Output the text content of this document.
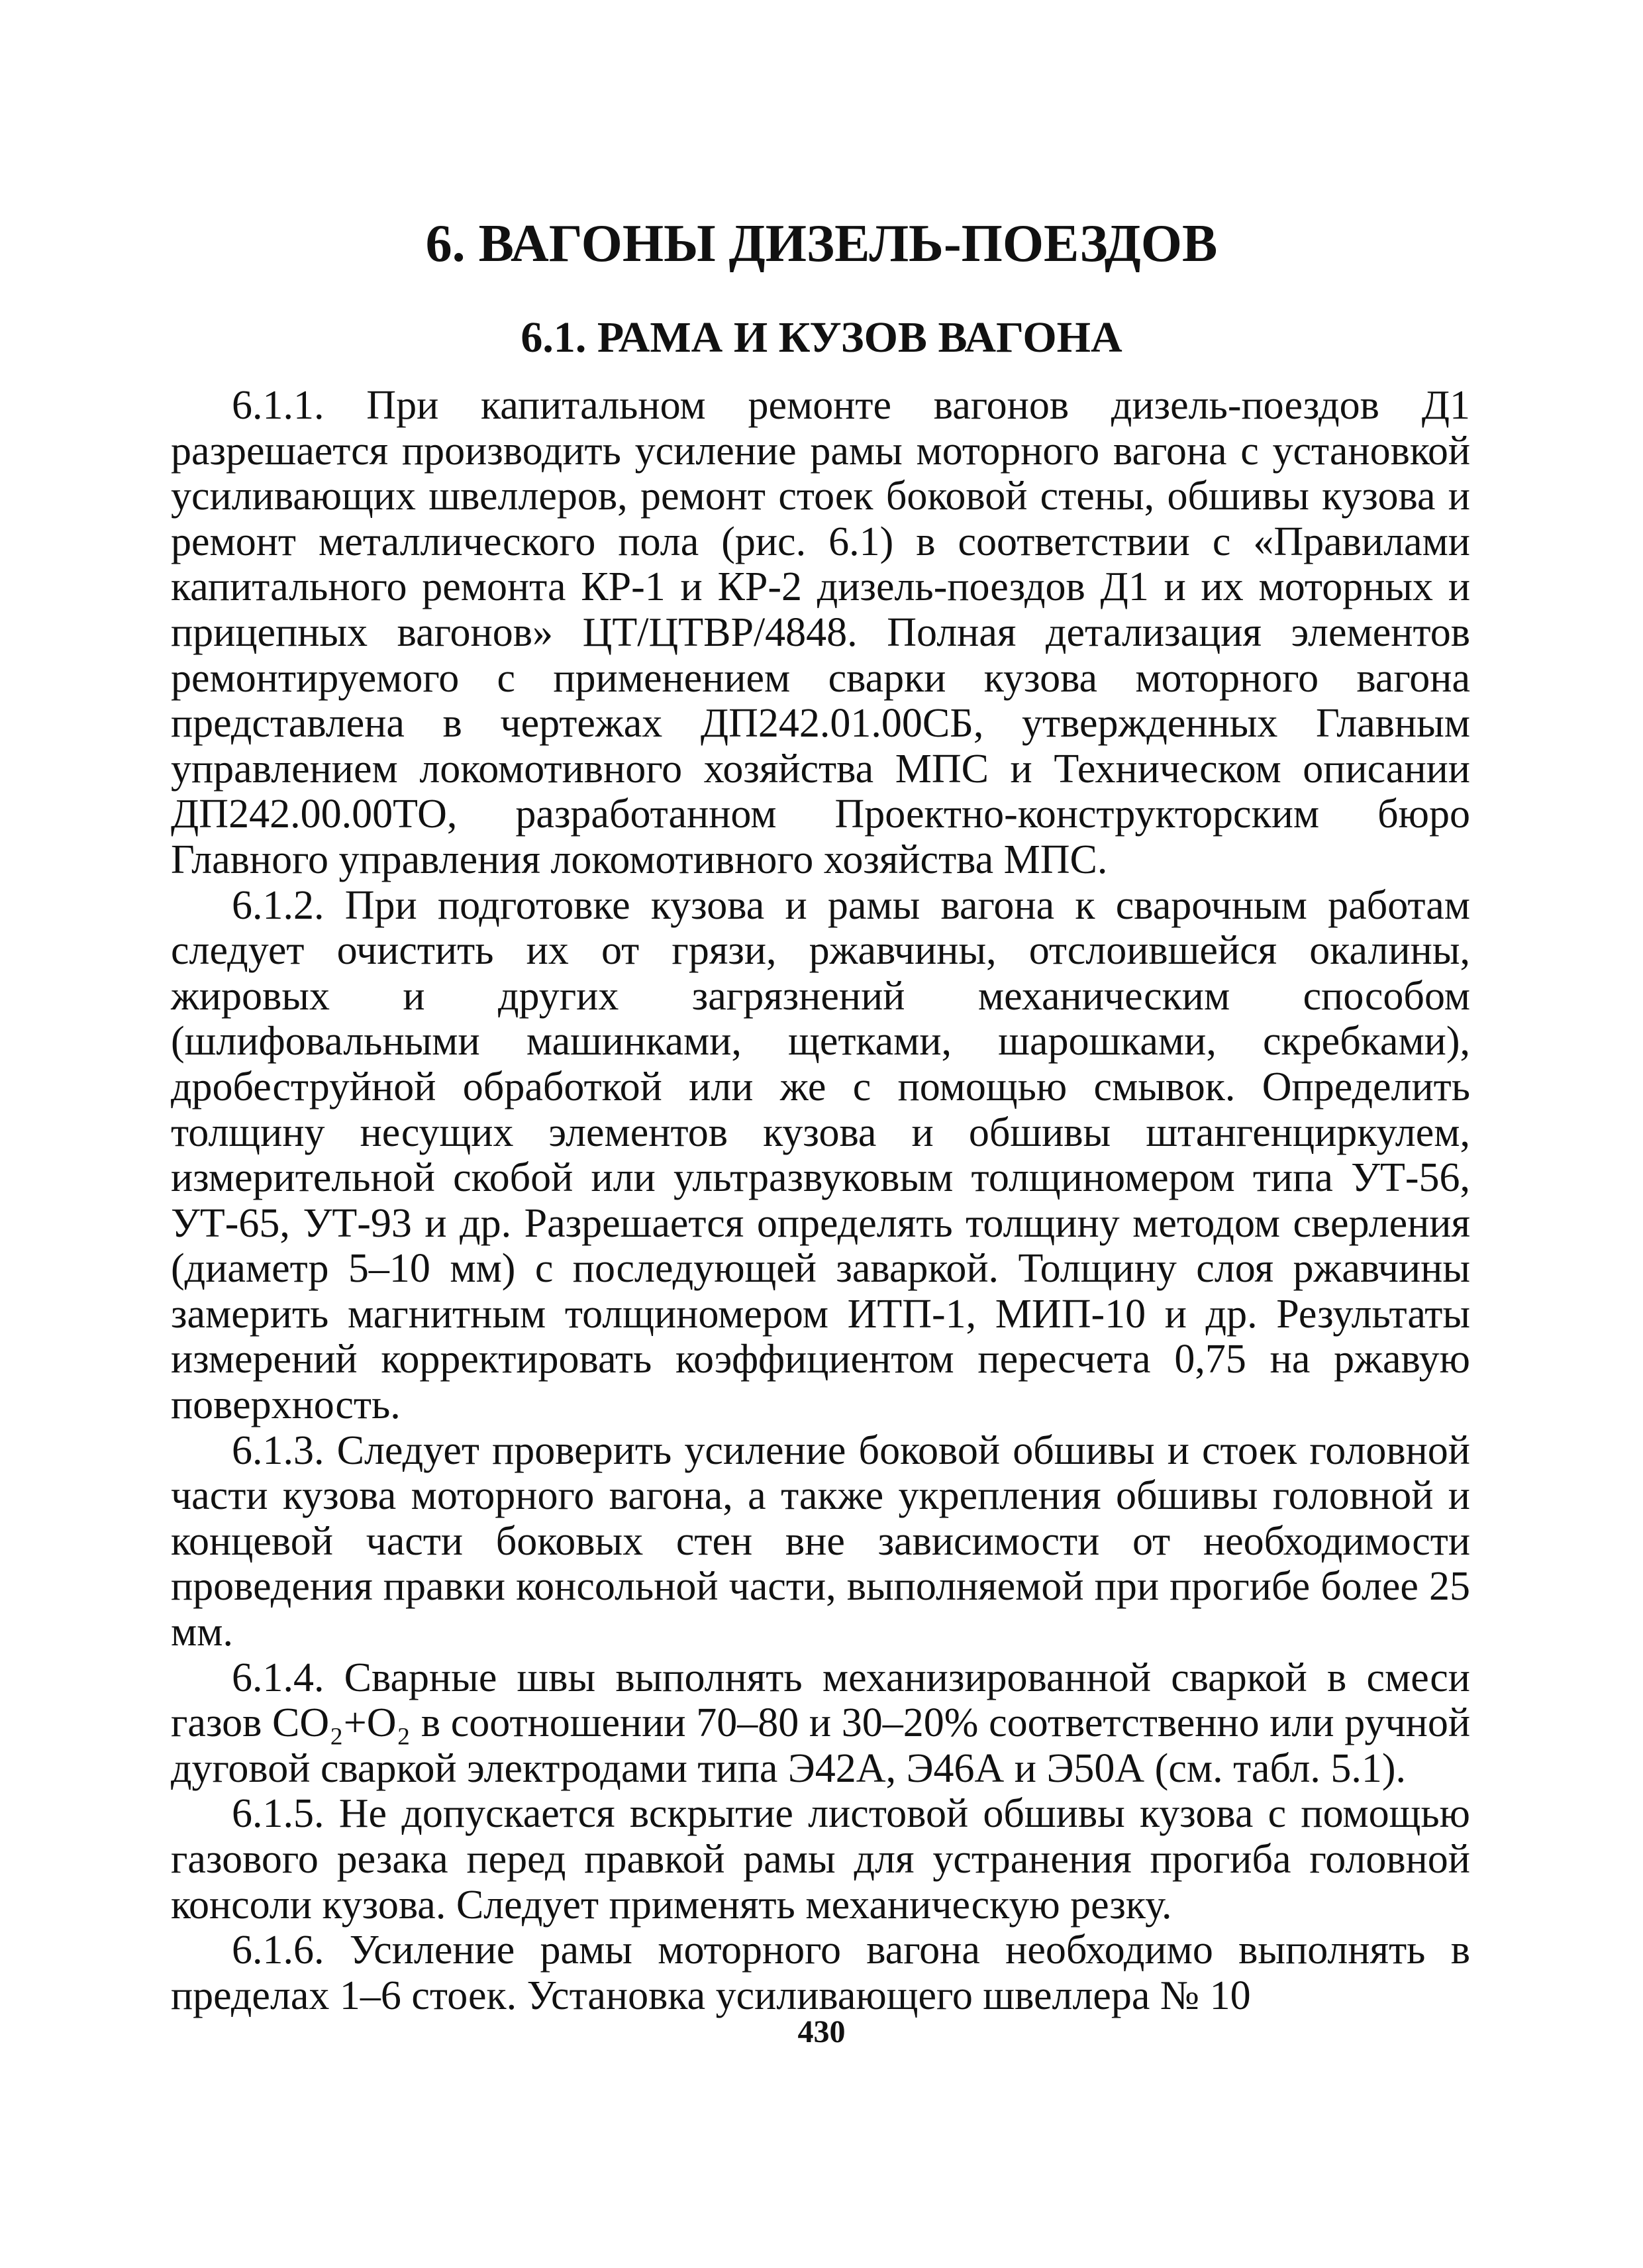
6. ВАГОНЫ ДИЗЕЛЬ-ПОЕЗДОВ
6.1. РАМА И КУЗОВ ВАГОНА

6.1.1. При капитальном ремонте вагонов дизель-поездов Д1 разрешается производить усиление рамы моторного вагона с установкой усиливающих швеллеров, ремонт стоек боковой стены, обшивы кузова и ремонт металлического пола (рис. 6.1) в соответствии с «Правилами капитального ремонта КР-1 и КР-2 дизель-поездов Д1 и их моторных и прицепных вагонов» ЦТ/ЦТВР/4848. Полная детализация элементов ремонтируемого с применением сварки кузова моторного вагона представлена в чертежах ДП242.01.00СБ, утвержденных Главным управлением локомотивного хозяйства МПС и Техническом описании ДП242.00.00ТО, разработанном Проектно-конструкторским бюро Главного управления локомотивного хозяйства МПС.

6.1.2. При подготовке кузова и рамы вагона к сварочным работам следует очистить их от грязи, ржавчины, отслоившейся окалины, жировых и других загрязнений механическим способом (шлифовальными машинками, щетками, шарошками, скребками), дробеструйной обработкой или же с помощью смывок. Определить толщину несущих элементов кузова и обшивы штангенциркулем, измерительной скобой или ультразвуковым толщиномером типа УТ-56, УТ-65, УТ-93 и др. Разрешается определять толщину методом сверления (диаметр 5–10 мм) с последующей заваркой. Толщину слоя ржавчины замерить магнитным толщиномером ИТП-1, МИП-10 и др. Результаты измерений корректировать коэффициентом пересчета 0,75 на ржавую поверхность.

6.1.3. Следует проверить усиление боковой обшивы и стоек головной части кузова моторного вагона, а также укрепления обшивы головной и концевой части боковых стен вне зависимости от необходимости проведения правки консольной части, выполняемой при прогибе более 25 мм.

6.1.4. Сварные швы выполнять механизированной сваркой в смеси газов CO₂+O₂ в соотношении 70–80 и 30–20% соответственно или ручной дуговой сваркой электродами типа Э42А, Э46А и Э50А (см. табл. 5.1).

6.1.5. Не допускается вскрытие листовой обшивы кузова с помощью газового резака перед правкой рамы для устранения прогиба головной консоли кузова. Следует применять механическую резку.

6.1.6. Усиление рамы моторного вагона необходимо выполнять в пределах 1–6 стоек. Установка усиливающего швеллера № 10

430
